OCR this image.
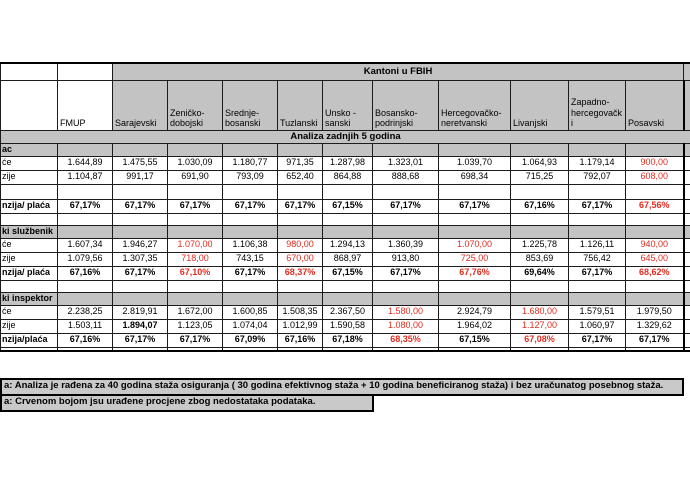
		Kantoni u FBIH										
	FMUP	Sarajevski	Zeničko-dobojski	Srednje-bosanski	Tuzlanski	Unsko - sanski	Bosansko-podrinjski	Hercegovačko-neretvanski	Livanjski	Zapadno-hercegovački	Posavski	
Analiza zadnjih 5 godina												
ac												
će	1.644,89	1.475,55	1.030,09	1.180,77	971,35	1.287,98	1.323,01	1.039,70	1.064,93	1.179,14	900,00	
zije	1.104,87	991,17	691,90	793,09	652,40	864,88	888,68	698,34	715,25	792,07	608,00	

nzija/ plaća	67,17%	67,17%	67,17%	67,17%	67,17%	67,15%	67,17%	67,17%	67,16%	67,17%	67,56%	

ki službenik												
će	1.607,34	1.946,27	1.070,00	1.106,38	980,00	1.294,13	1.360,39	1.070,00	1.225,78	1.126,11	940,00	
zije	1.079,56	1.307,35	718,00	743,15	670,00	868,97	913,80	725,00	853,69	756,42	645,00	
nzija/ plaća	67,16%	67,17%	67,10%	67,17%	68,37%	67,15%	67,17%	67,76%	69,64%	67,17%	68,62%	

ki inspektor												
će	2.238,25	2.819,91	1.672,00	1.600,85	1.508,35	2.367,50	1.580,00	2.924,79	1.680,00	1.579,51	1.979,50	
zije	1.503,11	1.894,07	1.123,05	1.074,04	1.012,99	1.590,58	1.080,00	1.964,02	1.127,00	1.060,97	1.329,62	
nzija/plaća	67,16%	67,17%	67,17%	67,09%	67,16%	67,18%	68,35%	67,15%	67,08%	67,17%	67,17%	

a: Analiza je rađena za 40 godina staža osiguranja ( 30 godina efektivnog staža + 10 godina beneficiranog staža) i bez uračunatog posebnog staža.
a: Crvenom bojom jsu urađene procjene zbog nedostataka podataka.
